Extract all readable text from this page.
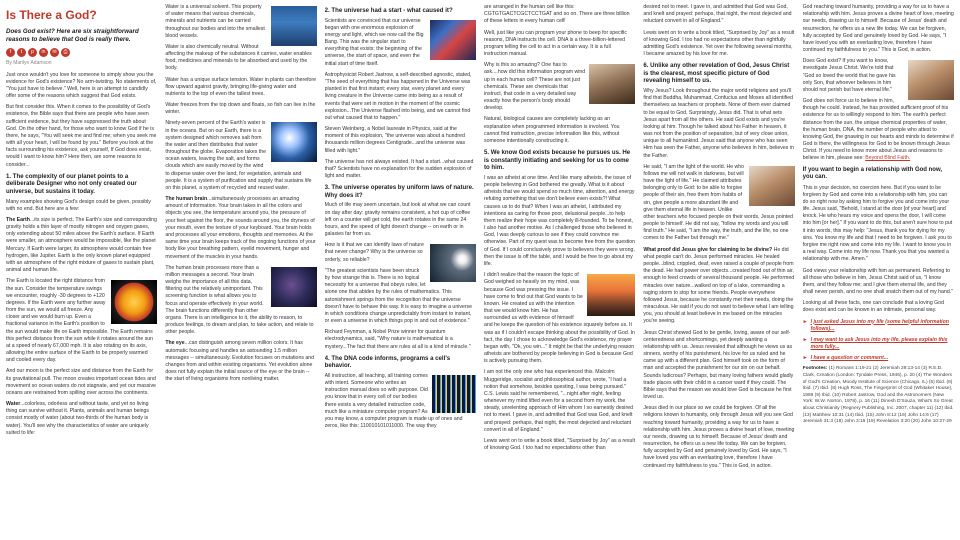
Is There a God?
Does God exist? Here are six straightforward reasons to believe that God is really there.
f	t	p	in	✉	⎙
By Marilyn Adamson

Just once wouldn't you love for someone to simply show you the evidence for God's existence? No arm-twisting. No statements of, "You just have to believe." Well, here is an attempt to candidly offer some of the reasons which suggest that God exists.

But first consider this. When it comes to the possibility of God's existence, the Bible says that there are people who have seen sufficient evidence, but they have suppressed the truth about God. On the other hand, for those who want to know God if he is there, he says, "You will seek me and find me; when you seek me with all your heart, I will be found by you." Before you look at the facts surrounding his existence, ask yourself, If God does exist, would I want to know him? Here then, are some reasons to consider...

1. The complexity of our planet points to a deliberate Designer who not only created our universe, but sustains it today.

Many examples showing God's design could be given, possibly with no end. But here are a few:

The Earth...its size is perfect. The Earth's size and corresponding gravity holds a thin layer of mostly nitrogen and oxygen gases, only extending about 50 miles above the Earth's surface. If Earth were smaller, an atmosphere would be impossible, like the planet Mercury. If Earth were larger, its atmosphere would contain free hydrogen, like Jupiter. Earth is the only known planet equipped with an atmosphere of the right mixture of gases to sustain plant, animal and human life.

The Earth is located the right distance from the sun. Consider the temperature swings we encounter, roughly -30 degrees to +120 degrees. If the Earth were any further away from the sun, we would all freeze. Any closer and we would burn up. Even a fractional variance in the Earth's position to the sun would make life on Earth impossible. The Earth remains this perfect distance from the sun while it rotates around the sun at a speed of nearly 67,000 mph. It is also rotating on its axis, allowing the entire surface of the Earth to be properly warmed and cooled every day.

And our moon is the perfect size and distance from the Earth for its gravitational pull. The moon creates important ocean tides and movement so ocean waters do not stagnate, and yet our massive oceans are restrained from spilling over across the continents.

Water...colorless, odorless and without taste, and yet no living thing can survive without it. Plants, animals and human beings consist mostly of water (about two-thirds of the human body is water). You'll see why the characteristics of water are uniquely suited to life:

Water is a universal solvent. This property of water means that various chemicals, minerals and nutrients can be carried throughout our bodies and into the smallest blood vessels.

Water is also chemically neutral. Without affecting the makeup of the substances it carries, water enables food, medicines and minerals to be absorbed and used by the body.

Water has a unique surface tension. Water in plants can therefore flow upward against gravity, bringing life-giving water and nutrients to the top of even the tallest trees.

Water freezes from the top down and floats, so fish can live in the winter.

Ninety-seven percent of the Earth's water is in the oceans. But on our Earth, there is a system designed which removes salt from the water and then distributes that water throughout the globe. Evaporation takes the ocean waters, leaving the salt, and forms clouds which are easily moved by the wind to disperse water over the land, for vegetation, animals and people. It is a system of purification and supply that sustains life on this planet, a system of recycled and reused water.

The human brain...simultaneously processes an amazing amount of information. Your brain takes in all the colors and objects you see, the temperature around you, the pressure of your feet against the floor, the sounds around you, the dryness of your mouth, even the texture of your keyboard. Your brain holds and processes all your emotions, thoughts and memories. At the same time your brain keeps track of the ongoing functions of your body like your breathing pattern, eyelid movement, hunger and movement of the muscles in your hands.

The human brain processes more than a million messages a second. Your brain weighs the importance of all this data, filtering out the relatively unimportant. This screening function is what allows you to focus and operate effectively in your world. The brain functions differently than other organs. There is an intelligence to it, the ability to reason, to produce feelings, to dream and plan, to take action, and relate to other people.

The eye...can distinguish among seven million colors. It has automatic focusing and handles an astounding 1.5 million messages -- simultaneously. Evolution focuses on mutations and changes from and within existing organisms. Yet evolution alone does not fully explain the initial source of the eye or the brain -- the start of living organisms from nonliving matter.

2. The universe had a start - what caused it?

Scientists are convinced that our universe began with one enormous explosion of energy and light, which we now call the Big Bang. This was the singular start to everything that exists: the beginning of the universe, the start of space, and even the initial start of time itself.

Astrophysicist Robert Jastrow, a self-described agnostic, stated, "The seed of everything that has happened in the Universe was planted in that first instant; every star, every planet and every living creature in the Universe came into being as a result of events that were set in motion in the moment of the cosmic explosion...The Universe flashed into being, and we cannot find out what caused that to happen."

Steven Weinberg, a Nobel laureate in Physics, said at the moment of this explosion, "the universe was about a hundred thousands million degrees Centigrade...and the universe was filled with light."

The universe has not always existed. It had a start...what caused that? Scientists have no explanation for the sudden explosion of light and matter.

3. The universe operates by uniform laws of nature. Why does it?

Much of life may seem uncertain, but look at what we can count on day after day: gravity remains consistent, a hot cup of coffee left on a counter will get cold, the earth rotates in the same 24 hours, and the speed of light doesn't change -- on earth or in galaxies far from us.

How is it that we can identify laws of nature that never change? Why is the universe so orderly, so reliable?

"The greatest scientists have been struck by how strange this is. There is no logical necessity for a universe that obeys rules, let alone one that abides by the rules of mathematics. This astonishment springs from the recognition that the universe doesn't have to behave this way. It is easy to imagine a universe in which conditions change unpredictably from instant to instant, or even a universe in which things pop in and out of existence."

Richard Feynman, a Nobel Prize winner for quantum electrodynamics, said, "Why nature is mathematical is a mystery...The fact that there are rules at all is a kind of miracle."

4. The DNA code informs, programs a cell's behavior.

All instruction, all teaching, all training comes with intent. Someone who writes an instruction manual does so with purpose. Did you know that in every cell of our bodies there exists a very detailed instruction code, much like a miniature computer program? As you may know, a computer program is made up of ones and zeros, like this: 110010101011000. The way they

are arranged in the human cell like this: CGTGTGACTCGCTCCTGAT and so on. There are three billion of these letters in every human cell!

Well, just like you can program your phone to beep for specific reasons, DNA instructs the cell. DNA is a three-billion-lettered program telling the cell to act in a certain way. It is a full instruction manual.

Why is this so amazing? One has to ask....how did this information program wind up in each human cell? These are not just chemicals. These are chemicals that instruct, that code in a very detailed way exactly how the person's body should develop.

Natural, biological causes are completely lacking as an explanation when programmed information is involved. You cannot find instruction, precise information like this, without someone intentionally constructing it.

5. We know God exists because he pursues us. He is constantly initiating and seeking for us to come to him.

I was an atheist at one time. And like many atheists, the issue of people believing in God bothered me greatly. What is it about atheists that we would spend so much time, attention, and energy refuting something that we don't believe even exists?! What causes us to do that? When I was an atheist, I attributed my intentions as caring for those poor, delusional people...to help them realize their hope was completely ill-founded. To be honest, I also had another motive. As I challenged those who believed in God, I was deeply curious to see if they could convince me otherwise. Part of my quest was to become free from the question of God. If I could conclusively prove to believers they were wrong, then the issue is off the table, and I would be free to go about my life.

I didn't realize that the reason the topic of God weighed so heavily on my mind, was because God was pressing the issue. I have come to find out that God wants to be known. He created us with the intention that we would know him. He has surrounded us with evidence of himself and he keeps the question of his existence squarely before us. It was as if I couldn't escape thinking about the possibility of God. In fact, the day I chose to acknowledge God's existence, my prayer began with, "Ok, you win..." It might be that the underlying reason atheists are bothered by people believing in God is because God is actively pursuing them.

I am not the only one who has experienced this. Malcolm Muggeridge, socialist and philosophical author, wrote, "I had a notion that somehow, besides questing, I was being pursued." C.S. Lewis said he remembered, "...night after night, feeling whenever my mind lifted even for a second from my work, the steady, unrelenting approach of Him whom I so earnestly desired not to meet. I gave in, and admitted that God was God, and knelt and prayed: perhaps, that night, the most dejected and reluctant convert in all of England."

Lewis went on to write a book titled, "Surprised by Joy" as a result of knowing God. I too had no expectations other than

desired not to meet. I gave in, and admitted that God was God, and knelt and prayed: perhaps, that night, the most dejected and reluctant convert in all of England."

Lewis went on to write a book titled, "Surprised by Joy" as a result of knowing God. I too had no expectations other than rightfully admitting God's existence. Yet over the following several months, I became amazed by his love for me.

6. Unlike any other revelation of God, Jesus Christ is the clearest, most specific picture of God revealing himself to us.

Why Jesus? Look throughout the major world religions and you'll find that Buddha, Muhammad, Confucius and Moses all identified themselves as teachers or prophets. None of them ever claimed to be equal to God. Surprisingly, Jesus did. That is what sets Jesus apart from all the others. He said God exists and you're looking at him. Though he talked about his Father in heaven, it was not from the position of separation, but of very close union, unique to all humankind. Jesus said that anyone who has seen Him has seen the Father, anyone who believes in him, believes in the Father.

He said, "I am the light of the world. He who follows me will not walk in darkness, but will have the light of life." He claimed attributes belonging only to God: to be able to forgive people of their sin, free them from habits of sin, give people a more abundant life and give them eternal life in heaven. Unlike other teachers who focused people on their words, Jesus pointed people to himself. He did not say, "follow my words and you will find truth." He said, "I am the way, the truth, and the life, no one comes to the Father but through me."

What proof did Jesus give for claiming to be divine? He did what people can't do. Jesus performed miracles. He healed people...blind, crippled, deaf, even raised a couple of people from the dead. He had power over objects...created food out of thin air, enough to feed crowds of several thousand people. He performed miracles over nature...walked on top of a lake, commanding a raging storm to stop for some friends. People everywhere followed Jesus, because he constantly met their needs, doing the miraculous. He said if you do not want to believe what I am telling you, you should at least believe in me based on the miracles you're seeing.

Jesus Christ showed God to be gentle, loving, aware of our self-centeredness and shortcomings, yet deeply wanting a relationship with us. Jesus revealed that although he views us as sinners, worthy of his punishment, his love for us ruled and he came up with a different plan. God himself took on the form of man and accepted the punishment for our sin on our behalf. Sounds ludicrous? Perhaps, but many loving fathers would gladly trade places with their child in a cancer ward if they could. The Bible says that the reason we would love God is because he first loved us.

Jesus died in our place so we could be forgiven. Of all the religions known to humanity, only through Jesus will you see God reaching toward humanity, providing a way for us to have a relationship with him. Jesus proves a divine heart of love, meeting our needs, drawing us to himself. Because of Jesus' death and resurrection, he offers us a new life today. We can be forgiven, fully accepted by God and genuinely loved by God. He says, "I have loved you with an everlasting love, therefore I have continued my faithfulness to you." This is God, in action.

God reaching toward humanity, providing a way for us to have a relationship with him. Jesus proves a divine heart of love, meeting our needs, drawing us to himself. Because of Jesus' death and resurrection, he offers us a new life today. We can be forgiven, fully accepted by God and genuinely loved by God. He says, "I have loved you with an everlasting love, therefore I have continued my faithfulness to you." This is God, in action.

Does God exist? If you want to know, investigate Jesus Christ. We're told that "God so loved the world that he gave his only Son, that whoever believes in him should not perish but have eternal life."

God does not force us to believe in him, though he could. Instead, he has provided sufficient proof of his existence for us to willingly respond to him. The earth's perfect distance from the sun, the unique chemical properties of water, the human brain, DNA, the number of people who attest to knowing God, the gnawing in our hearts and minds to determine if God is there, the willingness for God to be known through Jesus Christ. If you need to know more about Jesus and reasons to believe in him, please see: Beyond Blind Faith.

If you want to begin a relationship with God now, you can.

This is your decision, no coercion here. But if you want to be forgiven by God and come into a relationship with him, you can do so right now by asking him to forgive you and come into your life. Jesus said, "Behold, I stand at the door [of your heart] and knock. He who hears my voice and opens the door, I will come into him [or her]." If you want to do this, but aren't sure how to put it into words, this may help: "Jesus, thank you for dying for my sins. You know my life and that I need to be forgiven. I ask you to forgive me right now and come into my life. I want to know you in a real way. Come into my life now. Thank you that you wanted a relationship with me. Amen."

God views your relationship with him as permanent. Referring to all those who believe in him, Jesus Christ said of us, "I know them, and they follow me; and I give them eternal life, and they shall never perish, and no one shall snatch them out of my hand."

Looking at all these facts, one can conclude that a loving God does exist and can be known in an intimate, personal way.

► I just asked Jesus into my life (some helpful information follows)...
► I may want to ask Jesus into my life, please explain this more fully...
► I have a question or comment...
Footnotes: (1) Romans 1:19-21 (2) Jeremiah 29:13-14 (3) R.E.D. Clark, Creation (London: Tyndale Press, 1946), p. 20 (4) The Wonders of God's Creation, Moody Institute of Science (Chicago, IL) (5) Ibid. (6) Ibid. (7) Ibid. (8) Hugh Ross, The Fingerprint of God (Whitaker House), 1989 (9) Ibid. (10) Robert Jastrow, God and the Astronomers (New York: W.W. Norton, 1978), p. 16 (11) Dinesh D'Souza, What's So Great about Christianity (Regnery Publishing, Inc. 2007, chapter 11) (12) Ibid. (13) Matthew 10:31 (14) Ibid. (15) John 8:12 (16) John 14:6 (17) Jeremiah 31:3 (18) John 3:16 (19) Revelation 3:20 (20) John 10:27-29
